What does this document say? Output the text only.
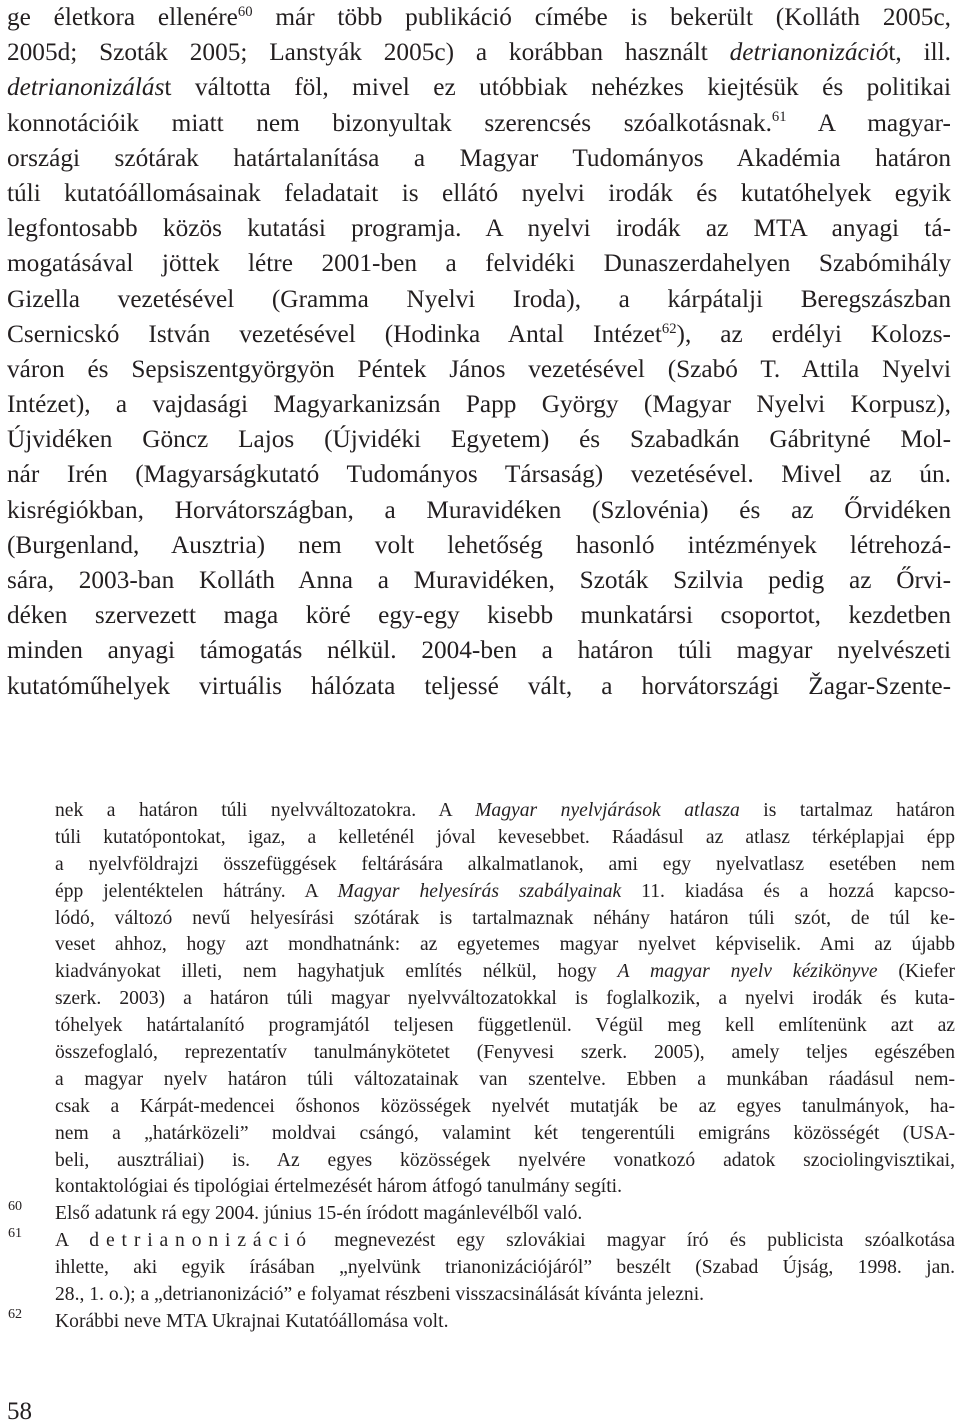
ge életkora ellenére$^{60}$ már több publikáció címébe is bekerült (Kolláth 2005c,
2005d; Szoták 2005; Lanstyák 2005c) a korábban használt detrianonizációt, ill.
detrianonizálást váltotta föl, mivel ez utóbbiak nehézkes kiejtésük és politikai
konnotációik miatt nem bizonyultak szerencsés szóalkotásnak.$^{61}$ A magyar-
országi szótárak határtalanítása a Magyar Tudományos Akadémia határon
túli kutatóállomásainak feladatait is ellátó nyelvi irodák és kutatóhelyek egyik
legfontosabb közös kutatási programja. A nyelvi irodák az MTA anyagi tá-
mogatásával jöttek létre 2001-ben a felvidéki Dunaszerdahelyen Szabómihály
Gizella vezetésével (Gramma Nyelvi Iroda), a kárpátalji Beregszászban
Csernicskó István vezetésével (Hodinka Antal Intézet$^{62}$), az erdélyi Kolozs-
váron és Sepsiszentgyörgyön Péntek János vezetésével (Szabó T. Attila Nyelvi
Intézet), a vajdasági Magyarkanizsán Papp György (Magyar Nyelvi Korpusz),
Újvidéken Göncz Lajos (Újvidéki Egyetem) és Szabadkán Gábrityné Mol-
nár Irén (Magyarságkutató Tudományos Társaság) vezetésével. Mivel az ún.
kisrégiókban, Horvátországban, a Muravidéken (Szlovénia) és az Őrvidéken
(Burgenland, Ausztria) nem volt lehetőség hasonló intézmények létrehozá-
sára, 2003-ban Kolláth Anna a Muravidéken, Szoták Szilvia pedig az Őrvi-
déken szervezett maga köré egy-egy kisebb munkatársi csoportot, kezdetben
minden anyagi támogatás nélkül. 2004-ben a határon túli magyar nyelvészeti
kutatóműhelyek virtuális hálózata teljessé vált, a horvátországi Žagar-Szente-
nek a határon túli nyelvváltozatokra. A Magyar nyelvjárások atlasza is tartalmaz határon
túli kutatópontokat, igaz, a kelleténél jóval kevesebbet. Ráadásul az atlasz térképlapjai épp
a nyelvföldrajzi összefüggések feltárására alkalmatlanok, ami egy nyelvatlasz esetében nem
épp jelentéktelen hátrány. A Magyar helyesírás szabályainak 11. kiadása és a hozzá kapcso-
lódó, változó nevű helyesírási szótárak is tartalmaznak néhány határon túli szót, de túl ke-
veset ahhoz, hogy azt mondhatnánk: az egyetemes magyar nyelvet képviselik. Ami az újabb
kiadványokat illeti, nem hagyhatjuk említés nélkül, hogy A magyar nyelv kézikönyve (Kiefer
szerk. 2003) a határon túli magyar nyelvváltozatokkal is foglalkozik, a nyelvi irodák és kuta-
tóhelyek határtalanító programjától teljesen függetlenül. Végül meg kell említenünk azt az
összefoglaló, reprezentatív tanulmánykötetet (Fenyvesi szerk. 2005), amely teljes egészében
a magyar nyelv határon túli változatainak van szentelve. Ebben a munkában ráadásul nem-
csak a Kárpát-medencei őshonos közösségek nyelvét mutatják be az egyes tanulmányok, ha-
nem a „határközeli” moldvai csángó, valamint két tengerentúli emigráns közösségét (USA-
beli, ausztráliai) is. Az egyes közösségek nyelvére vonatkozó adatok szociolingvisztikai,
kontaktológiai és tipológiai értelmezését három átfogó tanulmány segíti.
60 Első adatunk rá egy 2004. június 15-én íródott magánlevélből való.
61 A detrianonizáció megnevezést egy szlovákiai magyar író és publicista szóalkotása
ihlette, aki egyik írásában „nyelvünk trianonizációjáról” beszélt (Szabad Újság, 1998. jan.
28., 1. o.); a „detrianonizáció” e folyamat részbeni visszacsinálását kívánta jelezni.
62 Korábbi neve MTA Ukrajnai Kutatóállomása volt.
58
